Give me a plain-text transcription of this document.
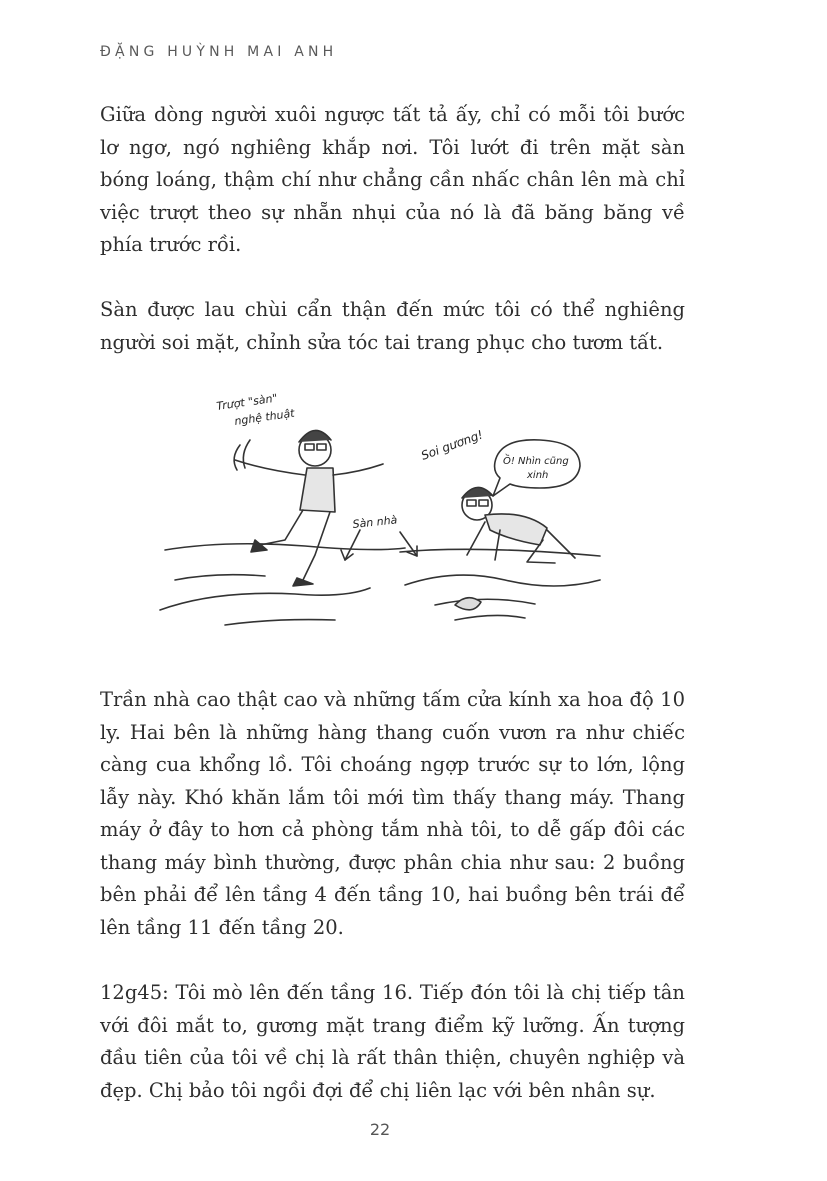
ĐẶNG HUỲNH MAI ANH

Giữa dòng người xuôi ngược tất tả ấy, chỉ có mỗi tôi bước lơ ngơ, ngó nghiêng khắp nơi. Tôi lướt đi trên mặt sàn bóng loáng, thậm chí như chẳng cần nhấc chân lên mà chỉ việc trượt theo sự nhẵn nhụi của nó là đã băng băng về phía trước rồi.

Sàn được lau chùi cẩn thận đến mức tôi có thể nghiêng người soi mặt, chỉnh sửa tóc tai trang phục cho tươm tất.

Trượt "sàn"
nghệ thuật
Soi gương! Ồ! Nhìn cũng
xinh
Sàn nhà

Trần nhà cao thật cao và những tấm cửa kính xa hoa độ 10 ly. Hai bên là những hàng thang cuốn vươn ra như chiếc càng cua khổng lồ. Tôi choáng ngợp trước sự to lớn, lộng lẫy này. Khó khăn lắm tôi mới tìm thấy thang máy. Thang máy ở đây to hơn cả phòng tắm nhà tôi, to dễ gấp đôi các thang máy bình thường, được phân chia như sau: 2 buồng bên phải để lên tầng 4 đến tầng 10, hai buồng bên trái để lên tầng 11 đến tầng 20.

12g45: Tôi mò lên đến tầng 16. Tiếp đón tôi là chị tiếp tân với đôi mắt to, gương mặt trang điểm kỹ lưỡng. Ấn tượng đầu tiên của tôi về chị là rất thân thiện, chuyên nghiệp và đẹp. Chị bảo tôi ngồi đợi để chị liên lạc với bên nhân sự.

22
